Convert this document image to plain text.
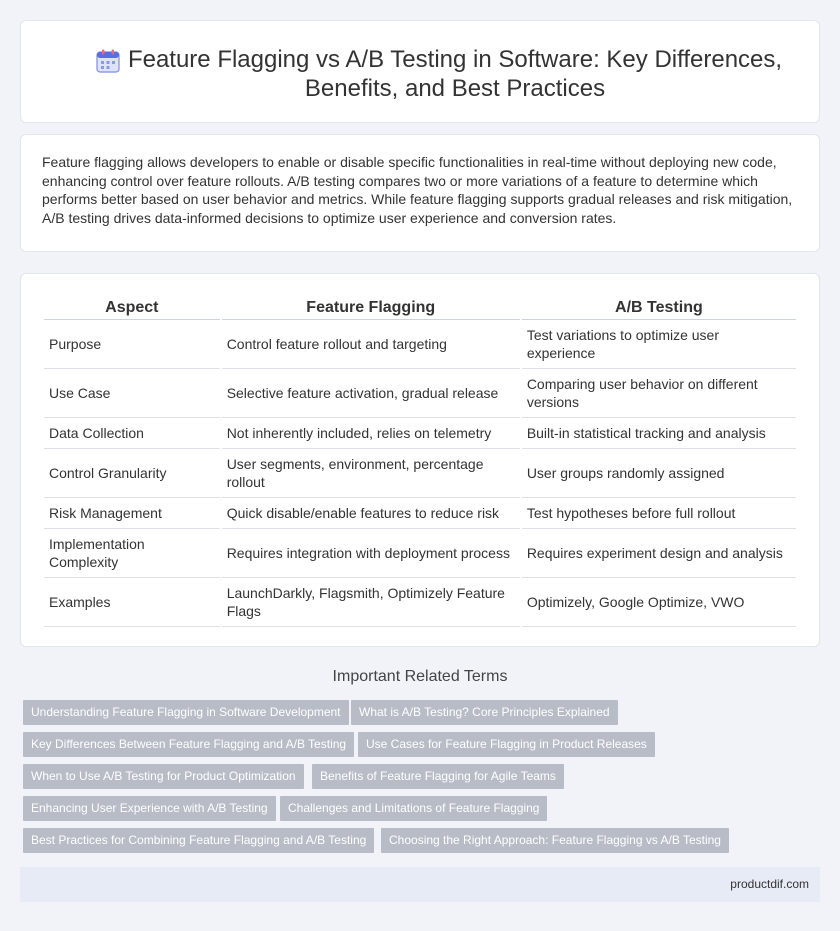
Feature Flagging vs A/B Testing in Software: Key Differences, Benefits, and Best Practices

Feature flagging allows developers to enable or disable specific functionalities in real-time without deploying new code, enhancing control over feature rollouts. A/B testing compares two or more variations of a feature to determine which performs better based on user behavior and metrics. While feature flagging supports gradual releases and risk mitigation, A/B testing drives data-informed decisions to optimize user experience and conversion rates.

Aspect	Feature Flagging	A/B Testing
Purpose	Control feature rollout and targeting	Test variations to optimize user experience
Use Case	Selective feature activation, gradual release	Comparing user behavior on different versions
Data Collection	Not inherently included, relies on telemetry	Built-in statistical tracking and analysis
Control Granularity	User segments, environment, percentage rollout	User groups randomly assigned
Risk Management	Quick disable/enable features to reduce risk	Test hypotheses before full rollout
Implementation Complexity	Requires integration with deployment process	Requires experiment design and analysis
Examples	LaunchDarkly, Flagsmith, Optimizely Feature Flags	Optimizely, Google Optimize, VWO
Important Related Terms
Understanding Feature Flagging in Software Development	What is A/B Testing? Core Principles Explained
Key Differences Between Feature Flagging and A/B Testing	Use Cases for Feature Flagging in Product Releases
When to Use A/B Testing for Product Optimization	Benefits of Feature Flagging for Agile Teams
Enhancing User Experience with A/B Testing	Challenges and Limitations of Feature Flagging
Best Practices for Combining Feature Flagging and A/B Testing	Choosing the Right Approach: Feature Flagging vs A/B Testing
productdif.com
